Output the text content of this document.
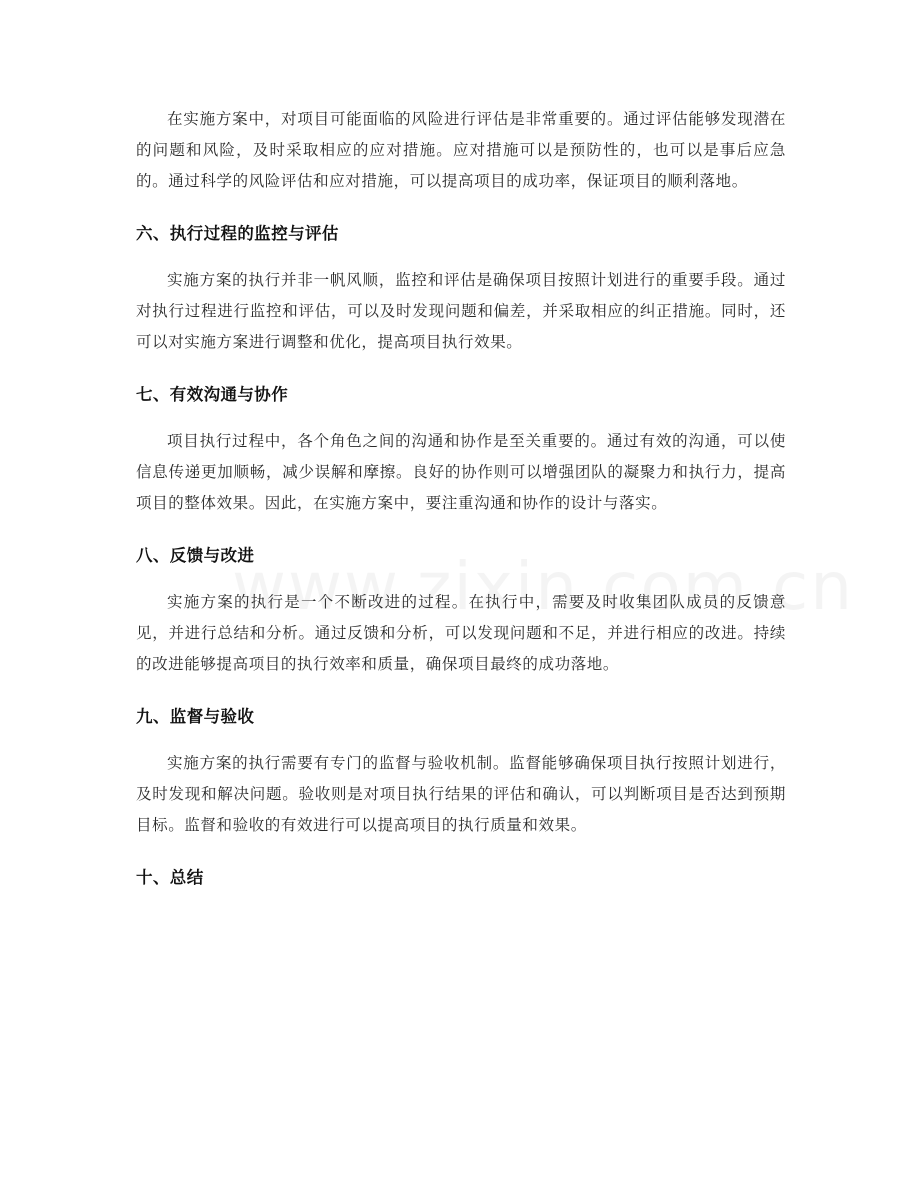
在实施方案中，对项目可能面临的风险进行评估是非常重要的。通过评估能够发现潜在的问题和风险，及时采取相应的应对措施。应对措施可以是预防性的，也可以是事后应急的。通过科学的风险评估和应对措施，可以提高项目的成功率，保证项目的顺利落地。

六、执行过程的监控与评估

实施方案的执行并非一帆风顺，监控和评估是确保项目按照计划进行的重要手段。通过对执行过程进行监控和评估，可以及时发现问题和偏差，并采取相应的纠正措施。同时，还可以对实施方案进行调整和优化，提高项目执行效果。

七、有效沟通与协作

项目执行过程中，各个角色之间的沟通和协作是至关重要的。通过有效的沟通，可以使信息传递更加顺畅，减少误解和摩擦。良好的协作则可以增强团队的凝聚力和执行力，提高项目的整体效果。因此，在实施方案中，要注重沟通和协作的设计与落实。

八、反馈与改进

实施方案的执行是一个不断改进的过程。在执行中，需要及时收集团队成员的反馈意见，并进行总结和分析。通过反馈和分析，可以发现问题和不足，并进行相应的改进。持续的改进能够提高项目的执行效率和质量，确保项目最终的成功落地。

九、监督与验收

实施方案的执行需要有专门的监督与验收机制。监督能够确保项目执行按照计划进行，及时发现和解决问题。验收则是对项目执行结果的评估和确认，可以判断项目是否达到预期目标。监督和验收的有效进行可以提高项目的执行质量和效果。

十、总结
